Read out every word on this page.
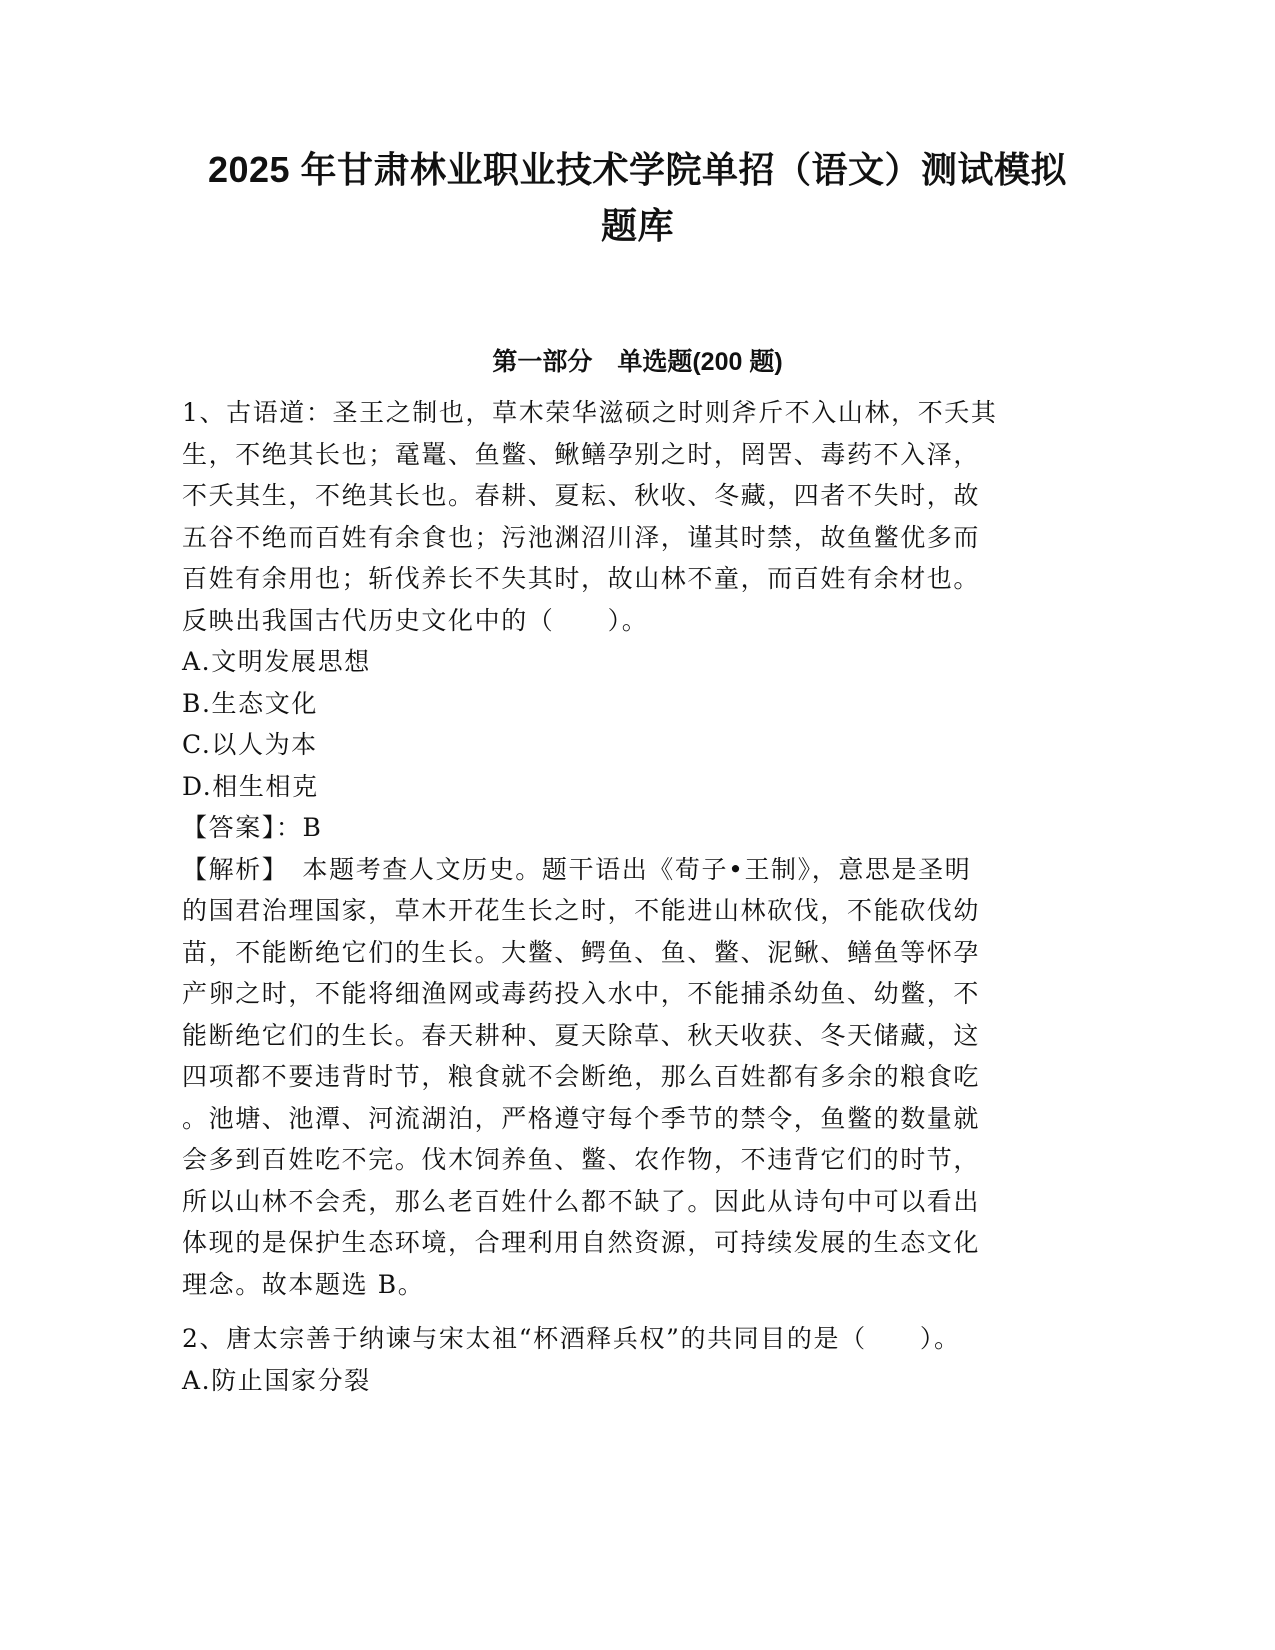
2025 年甘肃林业职业技术学院单招（语文）测试模拟
题库
第一部分　单选题(200 题)
1、古语道：圣王之制也，草木荣华滋硕之时则斧斤不入山林，不夭其
生，不绝其长也；鼋鼍、鱼鳖、鳅鳝孕别之时，罔罟、毒药不入泽，
不夭其生，不绝其长也。春耕、夏耘、秋收、冬藏，四者不失时，故
五谷不绝而百姓有余食也；污池渊沼川泽，谨其时禁，故鱼鳖优多而
百姓有余用也；斩伐养长不失其时，故山林不童，而百姓有余材也。
反映出我国古代历史文化中的（　　）。
A.文明发展思想
B.生态文化
C.以人为本
D.相生相克
【答案】：B
【解析】　本题考查人文历史。题干语出《荀子•王制》，意思是圣明
的国君治理国家，草木开花生长之时，不能进山林砍伐，不能砍伐幼
苗，不能断绝它们的生长。大鳖、鳄鱼、鱼、鳖、泥鳅、鳝鱼等怀孕
产卵之时，不能将细渔网或毒药投入水中，不能捕杀幼鱼、幼鳖，不
能断绝它们的生长。春天耕种、夏天除草、秋天收获、冬天储藏，这
四项都不要违背时节，粮食就不会断绝，那么百姓都有多余的粮食吃
。池塘、池潭、河流湖泊，严格遵守每个季节的禁令，鱼鳖的数量就
会多到百姓吃不完。伐木饲养鱼、鳖、农作物，不违背它们的时节，
所以山林不会秃，那么老百姓什么都不缺了。因此从诗句中可以看出
体现的是保护生态环境，合理利用自然资源，可持续发展的生态文化
理念。故本题选 B。
2、唐太宗善于纳谏与宋太祖“杯酒释兵权”的共同目的是（　　）。
A.防止国家分裂
